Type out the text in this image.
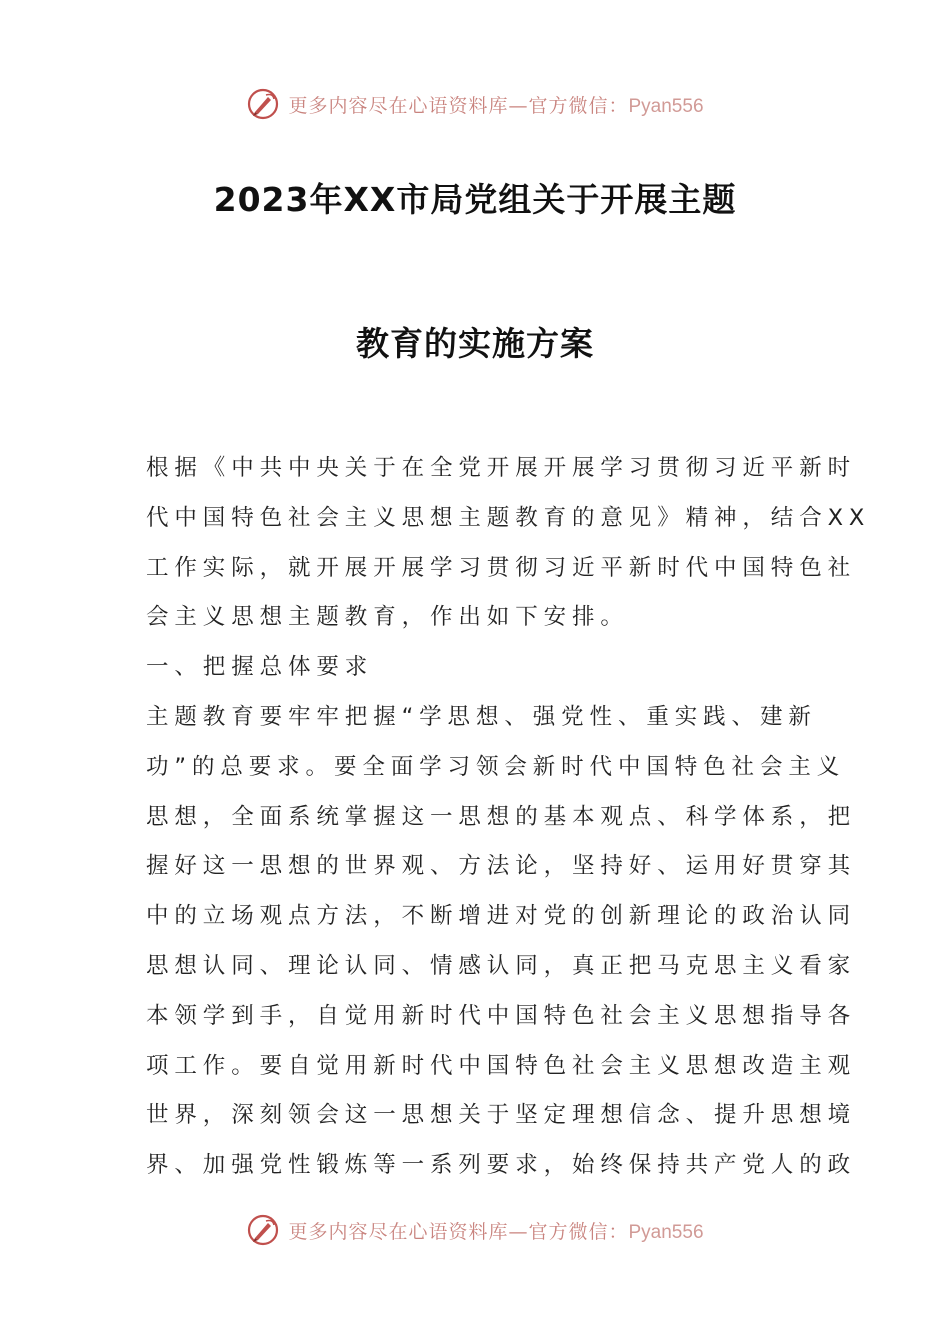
更多内容尽在心语资料库—官方微信：Pyan556
2023年XX市局党组关于开展主题
教育的实施方案
根据《中共中央关于在全党开展开展学习贯彻习近平新时
代中国特色社会主义思想主题教育的意见》精神，结合XX
工作实际，就开展开展学习贯彻习近平新时代中国特色社
会主义思想主题教育，作出如下安排。
一、把握总体要求
主题教育要牢牢把握“学思想、强党性、重实践、建新
功”的总要求。要全面学习领会新时代中国特色社会主义
思想，全面系统掌握这一思想的基本观点、科学体系，把
握好这一思想的世界观、方法论，坚持好、运用好贯穿其
中的立场观点方法，不断增进对党的创新理论的政治认同
思想认同、理论认同、情感认同，真正把马克思主义看家
本领学到手，自觉用新时代中国特色社会主义思想指导各
项工作。要自觉用新时代中国特色社会主义思想改造主观
世界，深刻领会这一思想关于坚定理想信念、提升思想境
界、加强党性锻炼等一系列要求，始终保持共产党人的政
更多内容尽在心语资料库—官方微信：Pyan556
